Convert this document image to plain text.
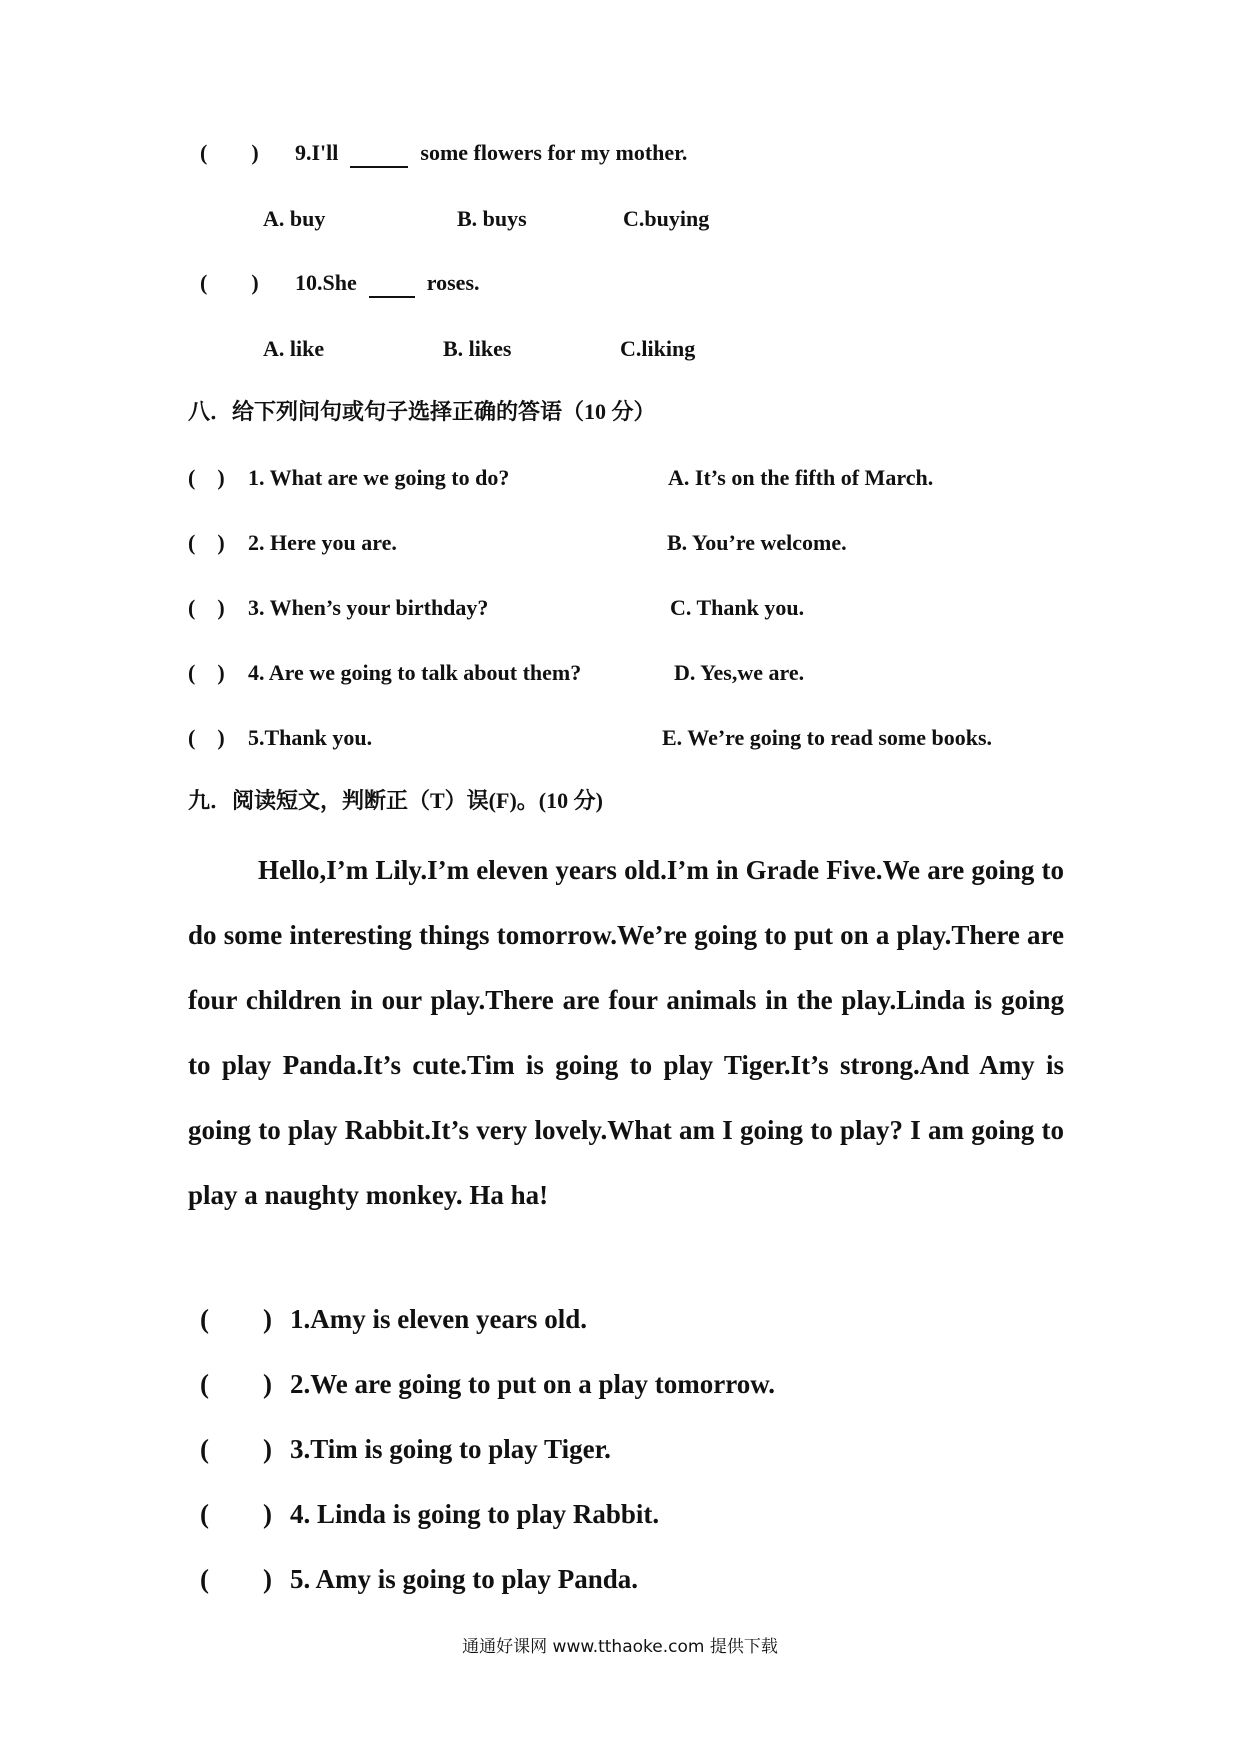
(　　) 9.I'll	some flowers for my mother.
A. buy	B. buys	C.buying
(　　) 10.She	roses.
A. like	B. likes	C.liking
八．给下列问句或句子选择正确的答语（10 分）
(　) 1. What are we going to do?	A. It’s on the fifth of March.
(　) 2. Here you are.	B. You’re welcome.
(　) 3. When’s your birthday?	C. Thank you.
(　) 4. Are we going to talk about them?	D. Yes,we are.
(　) 5.Thank you.	E. We’re going to read some books.
九．阅读短文，判断正（T）误(F)。(10 分)

Hello,I’m Lily.I’m eleven years old.I’m in Grade Five.We are going to do some interesting things tomorrow.We’re going to put on a play.There are four children in our play.There are four animals in the play.Linda is going to play Panda.It’s cute.Tim is going to play Tiger.It’s strong.And Amy is going to play Rabbit.It’s very lovely.What am I going to play? I am going to play a naughty monkey. Ha ha!

(　　) 1.Amy is eleven years old.
(　　) 2.We are going to put on a play tomorrow.
(　　) 3.Tim is going to play Tiger.
(　　) 4. Linda is going to play Rabbit.
(　　) 5. Amy is going to play Panda.
通通好课网 www.tthaoke.com 提供下载
